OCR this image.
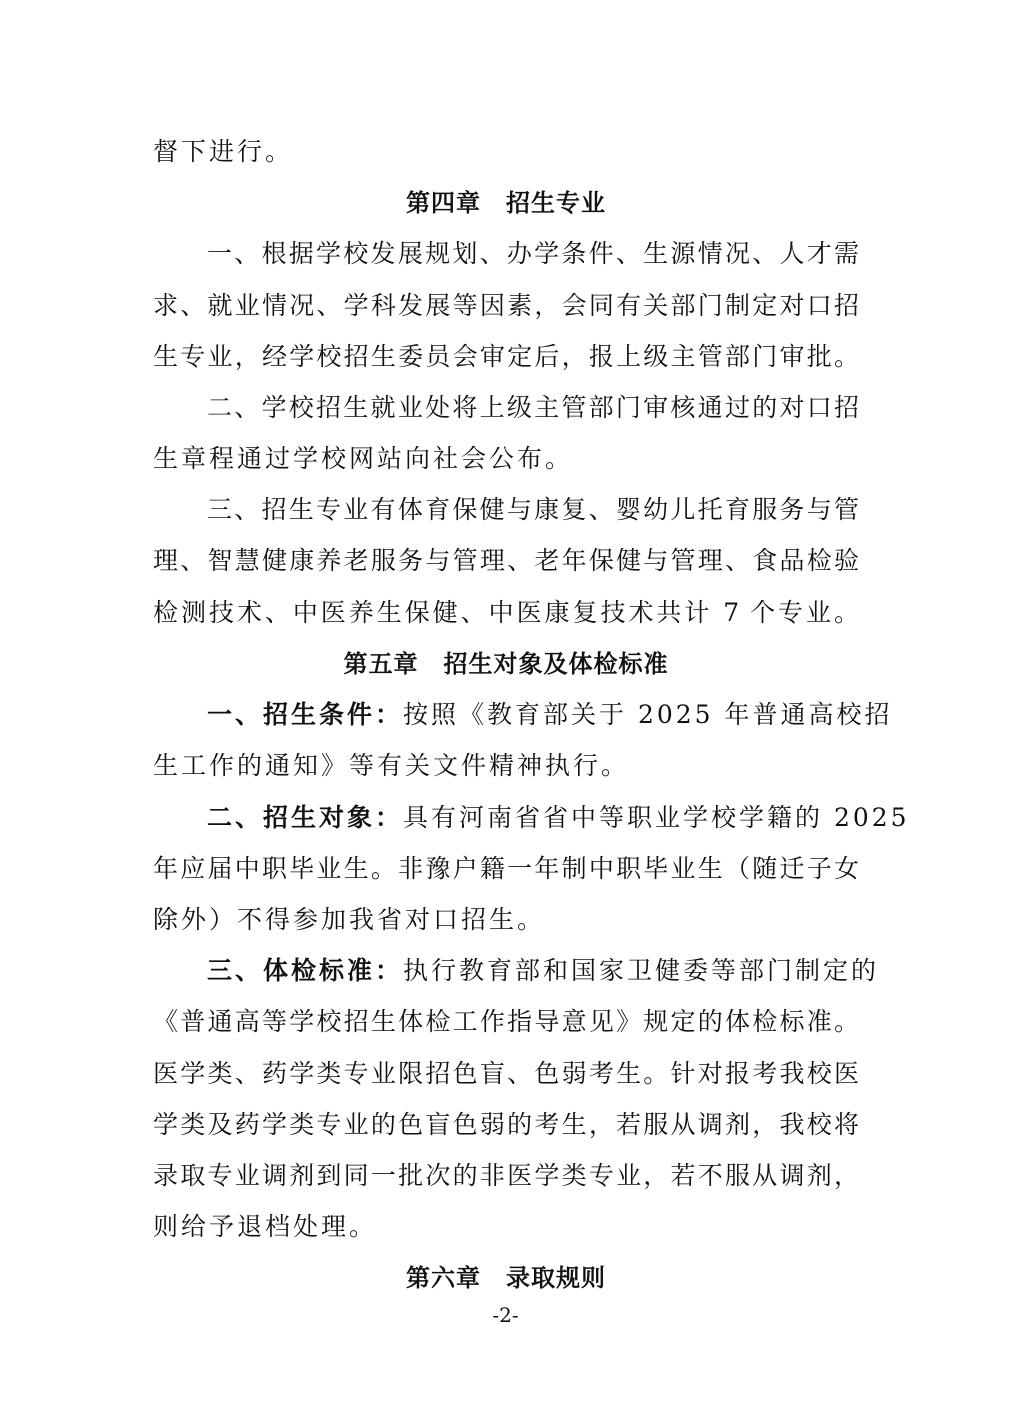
督下进行。
第四章　招生专业
一、根据学校发展规划、办学条件、生源情况、人才需
求、就业情况、学科发展等因素，会同有关部门制定对口招
生专业，经学校招生委员会审定后，报上级主管部门审批。
二、学校招生就业处将上级主管部门审核通过的对口招
生章程通过学校网站向社会公布。
三、招生专业有体育保健与康复、婴幼儿托育服务与管
理、智慧健康养老服务与管理、老年保健与管理、食品检验
检测技术、中医养生保健、中医康复技术共计 7 个专业。
第五章　招生对象及体检标准
一、招生条件：按照《教育部关于 2025 年普通高校招
生工作的通知》等有关文件精神执行。
二、招生对象：具有河南省省中等职业学校学籍的 2025
年应届中职毕业生。非豫户籍一年制中职毕业生（随迁子女
除外）不得参加我省对口招生。
三、体检标准：执行教育部和国家卫健委等部门制定的
《普通高等学校招生体检工作指导意见》规定的体检标准。
医学类、药学类专业限招色盲、色弱考生。针对报考我校医
学类及药学类专业的色盲色弱的考生，若服从调剂，我校将
录取专业调剂到同一批次的非医学类专业，若不服从调剂，
则给予退档处理。
第六章　录取规则
-2-
